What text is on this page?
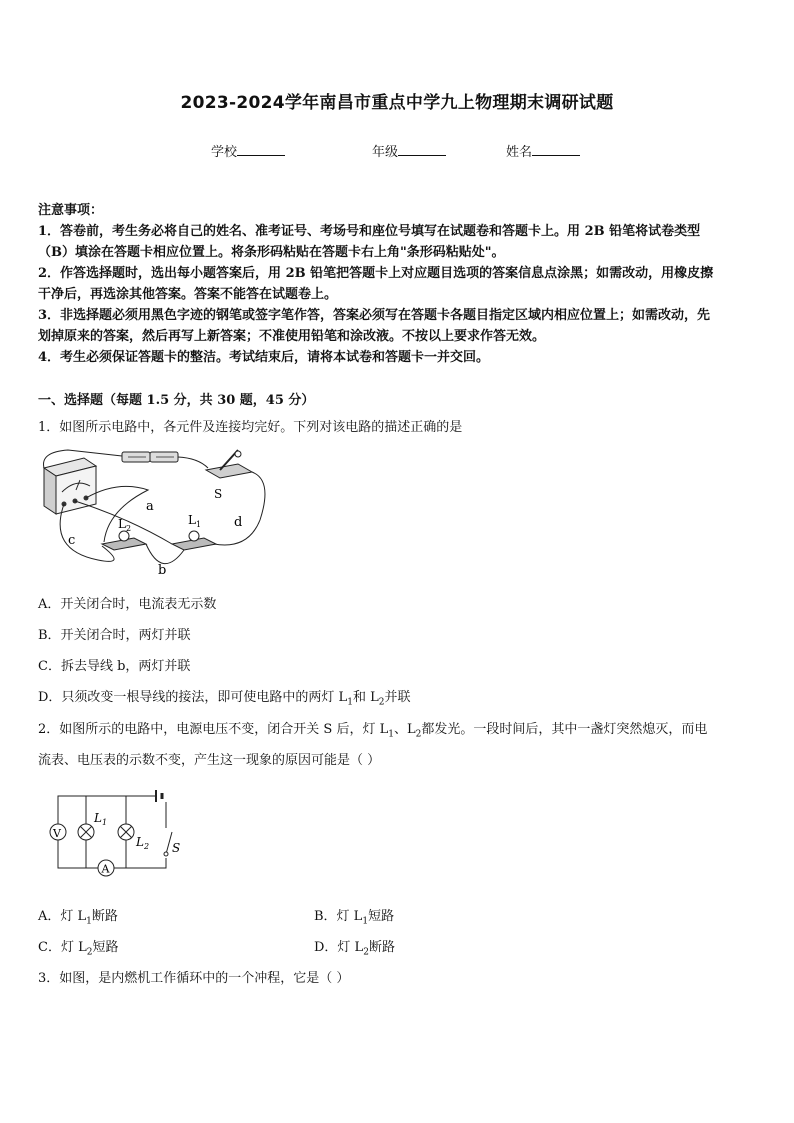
2023-2024学年南昌市重点中学九上物理期末调研试题
学校	年级	姓名
注意事项：
1．答卷前，考生务必将自己的姓名、准考证号、考场号和座位号填写在试题卷和答题卡上。用 2B 铅笔将试卷类型
（B）填涂在答题卡相应位置上。将条形码粘贴在答题卡右上角"条形码粘贴处"。
2．作答选择题时，选出每小题答案后，用 2B 铅笔把答题卡上对应题目选项的答案信息点涂黑；如需改动，用橡皮擦
干净后，再选涂其他答案。答案不能答在试题卷上。
3．非选择题必须用黑色字迹的钢笔或签字笔作答，答案必须写在答题卡各题目指定区域内相应位置上；如需改动，先
划掉原来的答案，然后再写上新答案；不准使用铅笔和涂改液。不按以上要求作答无效。
4．考生必须保证答题卡的整洁。考试结束后，请将本试卷和答题卡一并交回。
一、选择题（每题 1.5 分，共 30 题，45 分）
1．如图所示电路中，各元件及连接均完好。下列对该电路的描述正确的是
S
$L_2$
$L_1$
a
b
c
d
A．开关闭合时，电流表无示数
B．开关闭合时，两灯并联
C．拆去导线 b，两灯并联
D．只须改变一根导线的接法，即可使电路中的两灯 $L_1$和 $L_2$并联
2．如图所示的电路中，电源电压不变，闭合开关 S 后，灯 $L_1$、$L_2$都发光。一段时间后，其中一盏灯突然熄灭，而电
流表、电压表的示数不变，产生这一现象的原因可能是（ ）
V
$L_1$
$L_2$ S
A
A．灯 $L_1$断路	B．灯 $L_1$短路
C．灯 $L_2$短路	D．灯 $L_2$断路
3．如图，是内燃机工作循环中的一个冲程，它是（ ）
